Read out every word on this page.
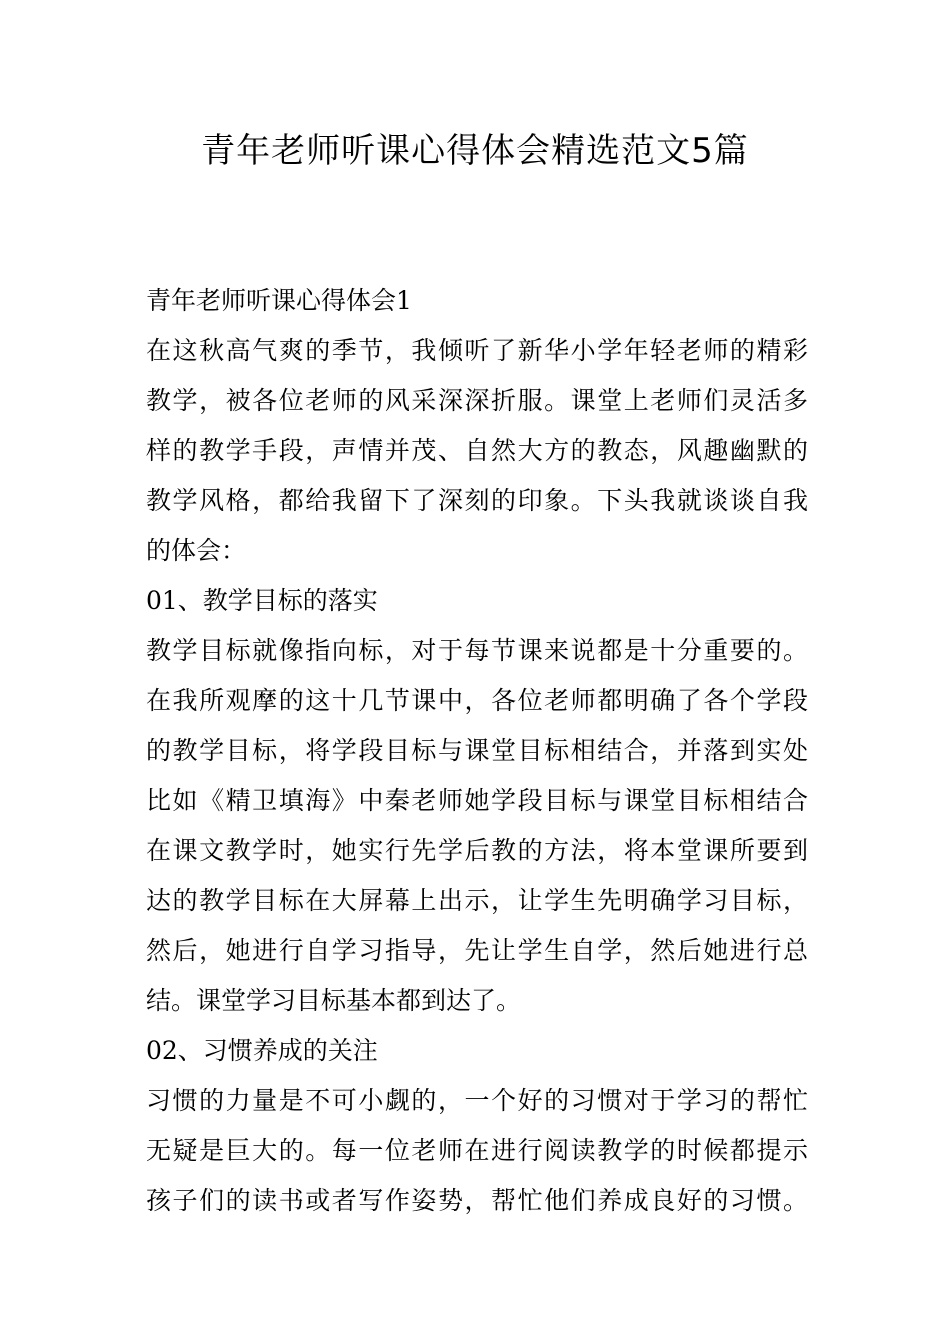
青年老师听课心得体会精选范文5篇
青年老师听课心得体会1
在这秋高气爽的季节，我倾听了新华小学年轻老师的精彩
教学，被各位老师的风采深深折服。课堂上老师们灵活多
样的教学手段，声情并茂、自然大方的教态，风趣幽默的
教学风格，都给我留下了深刻的印象。下头我就谈谈自我
的体会：
01、教学目标的落实
教学目标就像指向标，对于每节课来说都是十分重要的。
在我所观摩的这十几节课中，各位老师都明确了各个学段
的教学目标，将学段目标与课堂目标相结合，并落到实处
比如《精卫填海》中秦老师她学段目标与课堂目标相结合
在课文教学时，她实行先学后教的方法，将本堂课所要到
达的教学目标在大屏幕上出示，让学生先明确学习目标，
然后，她进行自学习指导，先让学生自学，然后她进行总
结。课堂学习目标基本都到达了。
02、习惯养成的关注
习惯的力量是不可小觑的，一个好的习惯对于学习的帮忙
无疑是巨大的。每一位老师在进行阅读教学的时候都提示
孩子们的读书或者写作姿势，帮忙他们养成良好的习惯。
